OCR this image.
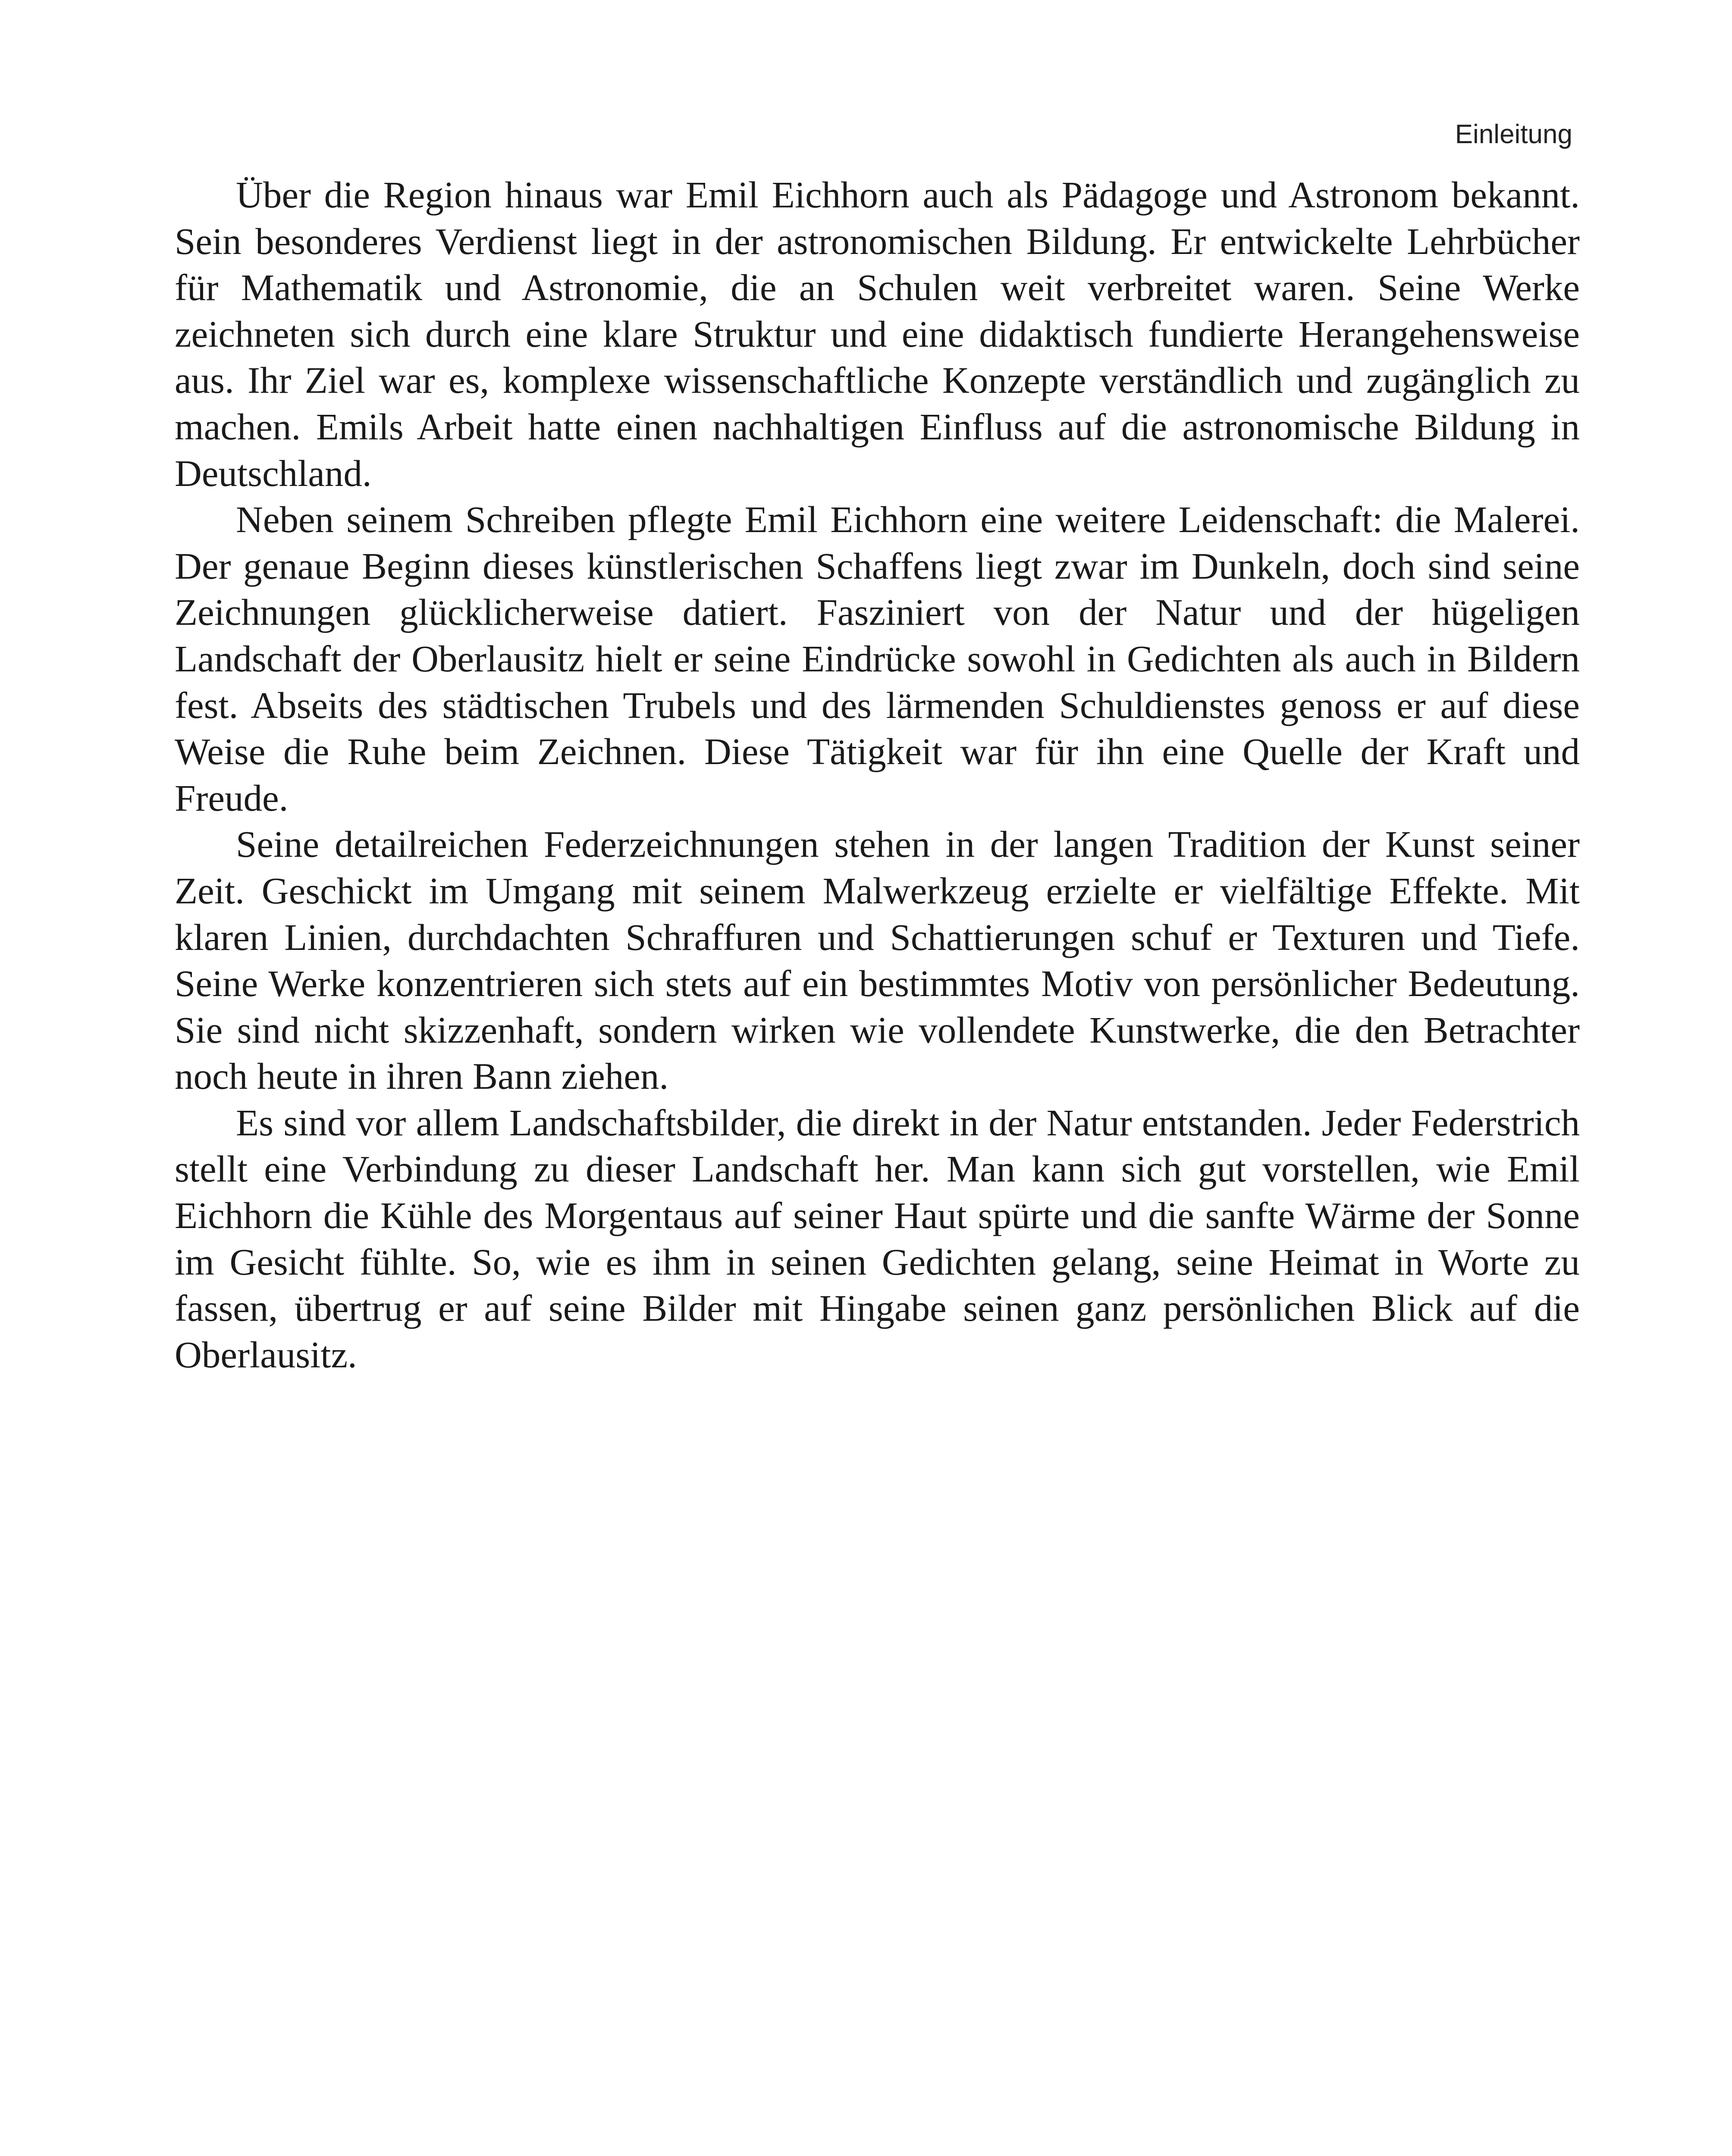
Einleitung

Über die Region hinaus war Emil Eichhorn auch als Pädagoge und Astronom bekannt. Sein besonderes Verdienst liegt in der astronomischen Bildung. Er entwickelte Lehrbücher für Mathematik und Astronomie, die an Schulen weit verbreitet waren. Seine Werke zeichneten sich durch eine klare Struktur und eine didaktisch fundierte Herangehensweise aus. Ihr Ziel war es, komplexe wissenschaftliche Konzepte verständlich und zugänglich zu machen. Emils Arbeit hatte einen nachhaltigen Einfluss auf die astronomische Bildung in Deutschland.

Neben seinem Schreiben pflegte Emil Eichhorn eine weitere Leidenschaft: die Malerei. Der genaue Beginn dieses künstlerischen Schaffens liegt zwar im Dunkeln, doch sind seine Zeichnungen glücklicherweise datiert. Fasziniert von der Natur und der hügeligen Landschaft der Oberlausitz hielt er seine Eindrücke sowohl in Gedichten als auch in Bildern fest. Abseits des städtischen Trubels und des lärmenden Schuldienstes genoss er auf diese Weise die Ruhe beim Zeichnen. Diese Tätigkeit war für ihn eine Quelle der Kraft und Freude.

Seine detailreichen Federzeichnungen stehen in der langen Tradition der Kunst seiner Zeit. Geschickt im Umgang mit seinem Malwerkzeug erzielte er vielfältige Effekte. Mit klaren Linien, durchdachten Schraffuren und Schattierungen schuf er Texturen und Tiefe. Seine Werke konzentrieren sich stets auf ein bestimmtes Motiv von persönlicher Bedeutung. Sie sind nicht skizzenhaft, sondern wirken wie vollendete Kunstwerke, die den Betrachter noch heute in ihren Bann ziehen.

Es sind vor allem Landschaftsbilder, die direkt in der Natur entstanden. Jeder Federstrich stellt eine Verbindung zu dieser Landschaft her. Man kann sich gut vorstellen, wie Emil Eichhorn die Kühle des Morgentaus auf seiner Haut spürte und die sanfte Wärme der Sonne im Gesicht fühlte. So, wie es ihm in seinen Gedichten gelang, seine Heimat in Worte zu fassen, übertrug er auf seine Bilder mit Hingabe seinen ganz persönlichen Blick auf die Oberlausitz.
